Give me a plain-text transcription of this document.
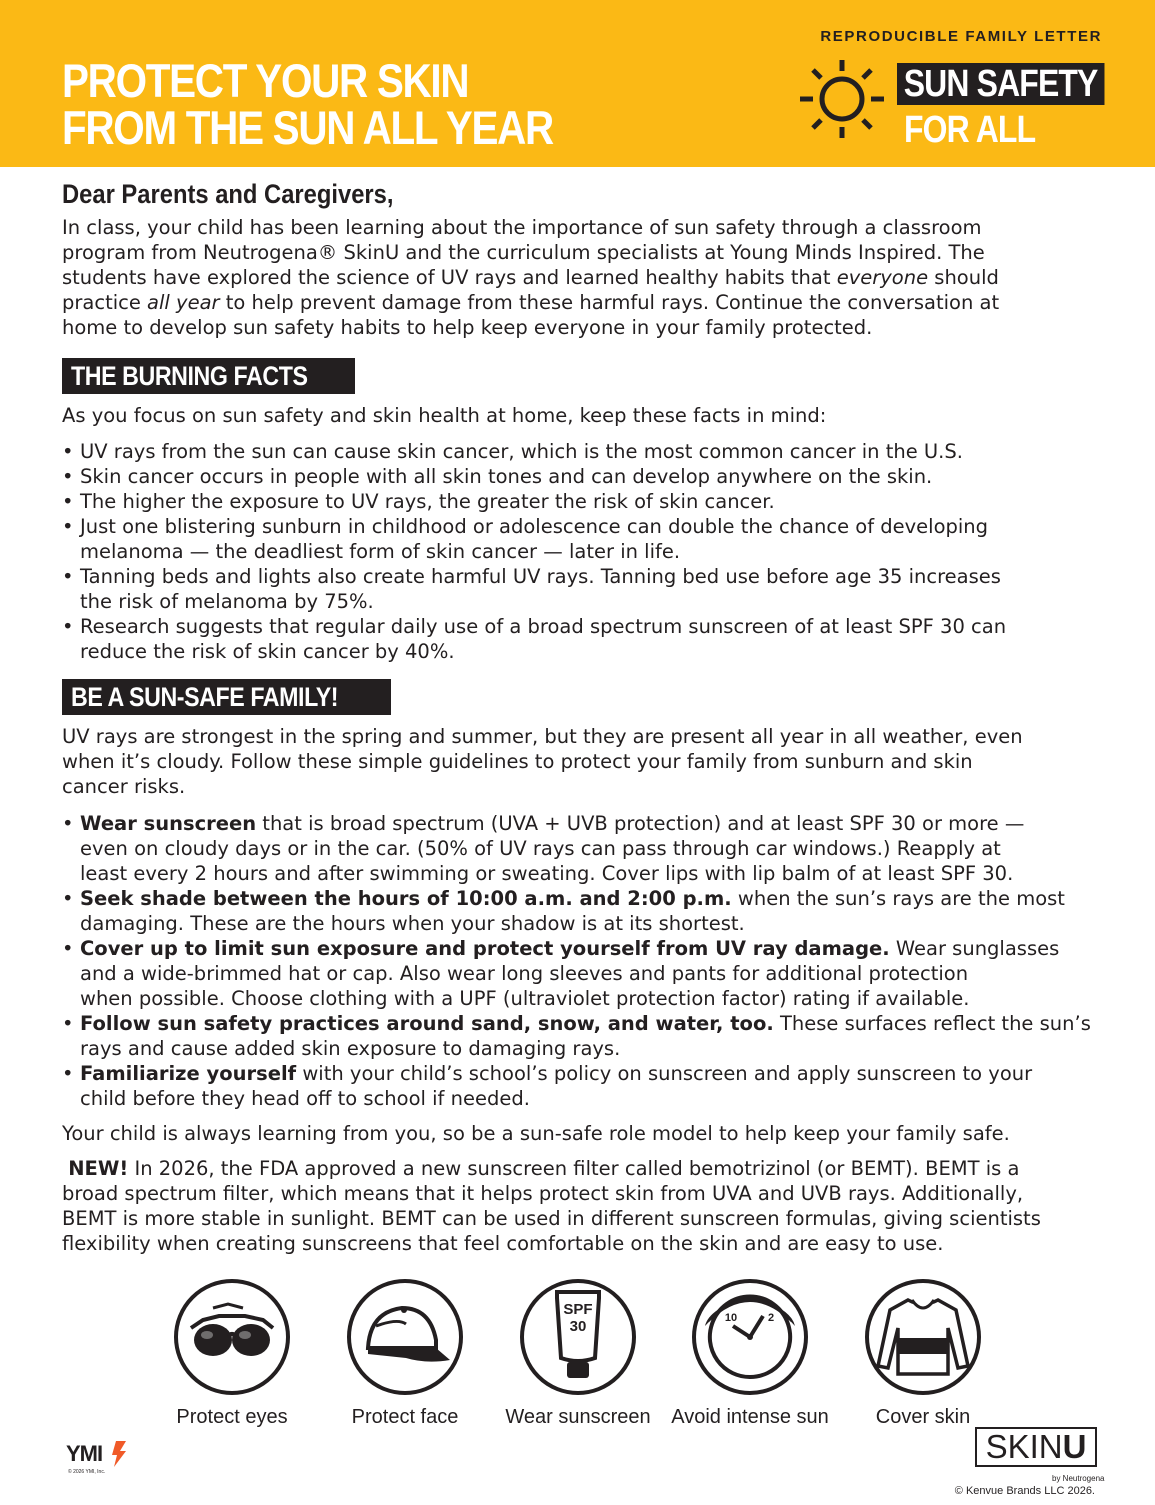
PROTECT YOUR SKIN
FROM THE SUN ALL YEAR
REPRODUCIBLE FAMILY LETTER
SUN SAFETY
FOR ALL
Dear Parents and Caregivers,
In class, your child has been learning about the importance of sun safety through a classroom
program from Neutrogena® SkinU and the curriculum specialists at Young Minds Inspired. The
students have explored the science of UV rays and learned healthy habits that everyone should
practice all year to help prevent damage from these harmful rays. Continue the conversation at
home to develop sun safety habits to help keep everyone in your family protected.
THE BURNING FACTS
As you focus on sun safety and skin health at home, keep these facts in mind:
• UV rays from the sun can cause skin cancer, which is the most common cancer in the U.S.
• Skin cancer occurs in people with all skin tones and can develop anywhere on the skin.
• The higher the exposure to UV rays, the greater the risk of skin cancer.
• Just one blistering sunburn in childhood or adolescence can double the chance of developing
melanoma — the deadliest form of skin cancer — later in life.
• Tanning beds and lights also create harmful UV rays. Tanning bed use before age 35 increases
the risk of melanoma by 75%.
• Research suggests that regular daily use of a broad spectrum sunscreen of at least SPF 30 can
reduce the risk of skin cancer by 40%.
BE A SUN-SAFE FAMILY!
UV rays are strongest in the spring and summer, but they are present all year in all weather, even
when it’s cloudy. Follow these simple guidelines to protect your family from sunburn and skin
cancer risks.
• Wear sunscreen that is broad spectrum (UVA + UVB protection) and at least SPF 30 or more —
even on cloudy days or in the car. (50% of UV rays can pass through car windows.) Reapply at
least every 2 hours and after swimming or sweating. Cover lips with lip balm of at least SPF 30.
• Seek shade between the hours of 10:00 a.m. and 2:00 p.m. when the sun’s rays are the most
damaging. These are the hours when your shadow is at its shortest.
• Cover up to limit sun exposure and protect yourself from UV ray damage. Wear sunglasses
and a wide-brimmed hat or cap. Also wear long sleeves and pants for additional protection
when possible. Choose clothing with a UPF (ultraviolet protection factor) rating if available.
• Follow sun safety practices around sand, snow, and water, too. These surfaces reflect the sun’s
rays and cause added skin exposure to damaging rays.
• Familiarize yourself with your child’s school’s policy on sunscreen and apply sunscreen to your
child before they head off to school if needed.
Your child is always learning from you, so be a sun-safe role model to help keep your family safe.
NEW! In 2026, the FDA approved a new sunscreen filter called bemotrizinol (or BEMT). BEMT is a
broad spectrum filter, which means that it helps protect skin from UVA and UVB rays. Additionally,
BEMT is more stable in sunlight. BEMT can be used in different sunscreen formulas, giving scientists
flexibility when creating sunscreens that feel comfortable on the skin and are easy to use.
Protect eyes	Protect face
SPF
30
Wear sunscreen
10	2
Avoid intense sun	Cover skin
YMI
© 2026 YMI, Inc.
SKINU
by Neutrogena
© Kenvue Brands LLC 2026.
